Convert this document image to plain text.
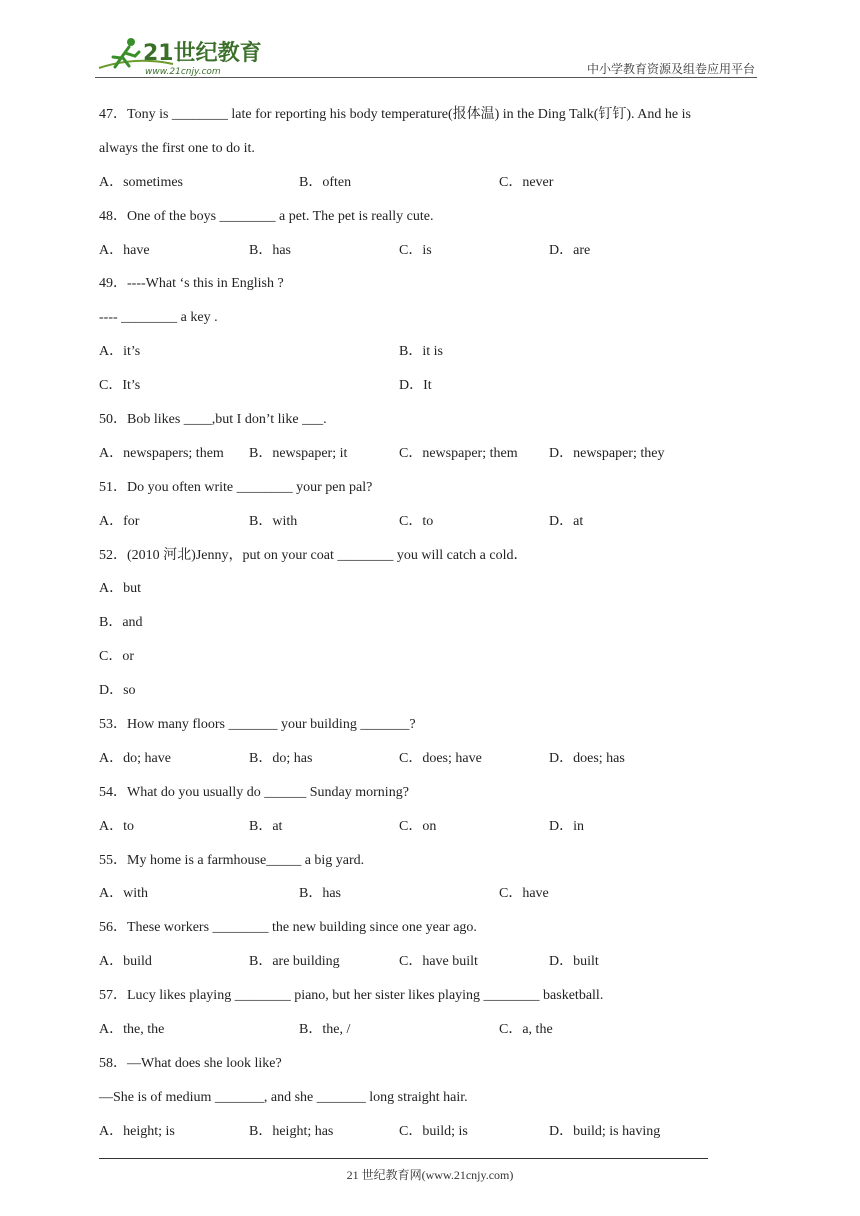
21世纪教育
www.21cnjy.com	中小学教育资源及组卷应用平台
47．Tony is ________ late for reporting his body temperature(报体温) in the Ding Talk(钉钉). And he is
always the first one to do it.
A．sometimes	B．often	C．never
48．One of the boys ________ a pet. The pet is really cute.
A．have	B．has	C．is	D．are
49．----What ‘s this in English ?
---- ________ a key .
A．it’s	B．it is
C．It’s	D．It
50．Bob likes ____,but I don’t like ___.
A．newspapers; them	B．newspaper; it	C．newspaper; them	D．newspaper; they
51．Do you often write ________ your pen pal?
A．for	B．with	C．to	D．at
52．(2010 河北)Jenny，put on your coat ________ you will catch a cold．
A．but
B．and
C．or
D．so
53．How many floors _______ your building _______?
A．do; have	B．do; has	C．does; have	D．does; has
54．What do you usually do ______ Sunday morning?
A．to	B．at	C．on	D．in
55．My home is a farmhouse_____ a big yard.
A．with	B．has	C．have
56．These workers ________ the new building since one year ago.
A．build	B．are building	C．have built	D．built
57．Lucy likes playing ________ piano, but her sister likes playing ________ basketball.
A．the, the	B．the, /	C．a, the
58．—What does she look like?
—She is of medium _______, and she _______ long straight hair.
A．height; is	B．height; has	C．build; is	D．build; is having
21 世纪教育网(www.21cnjy.com)
